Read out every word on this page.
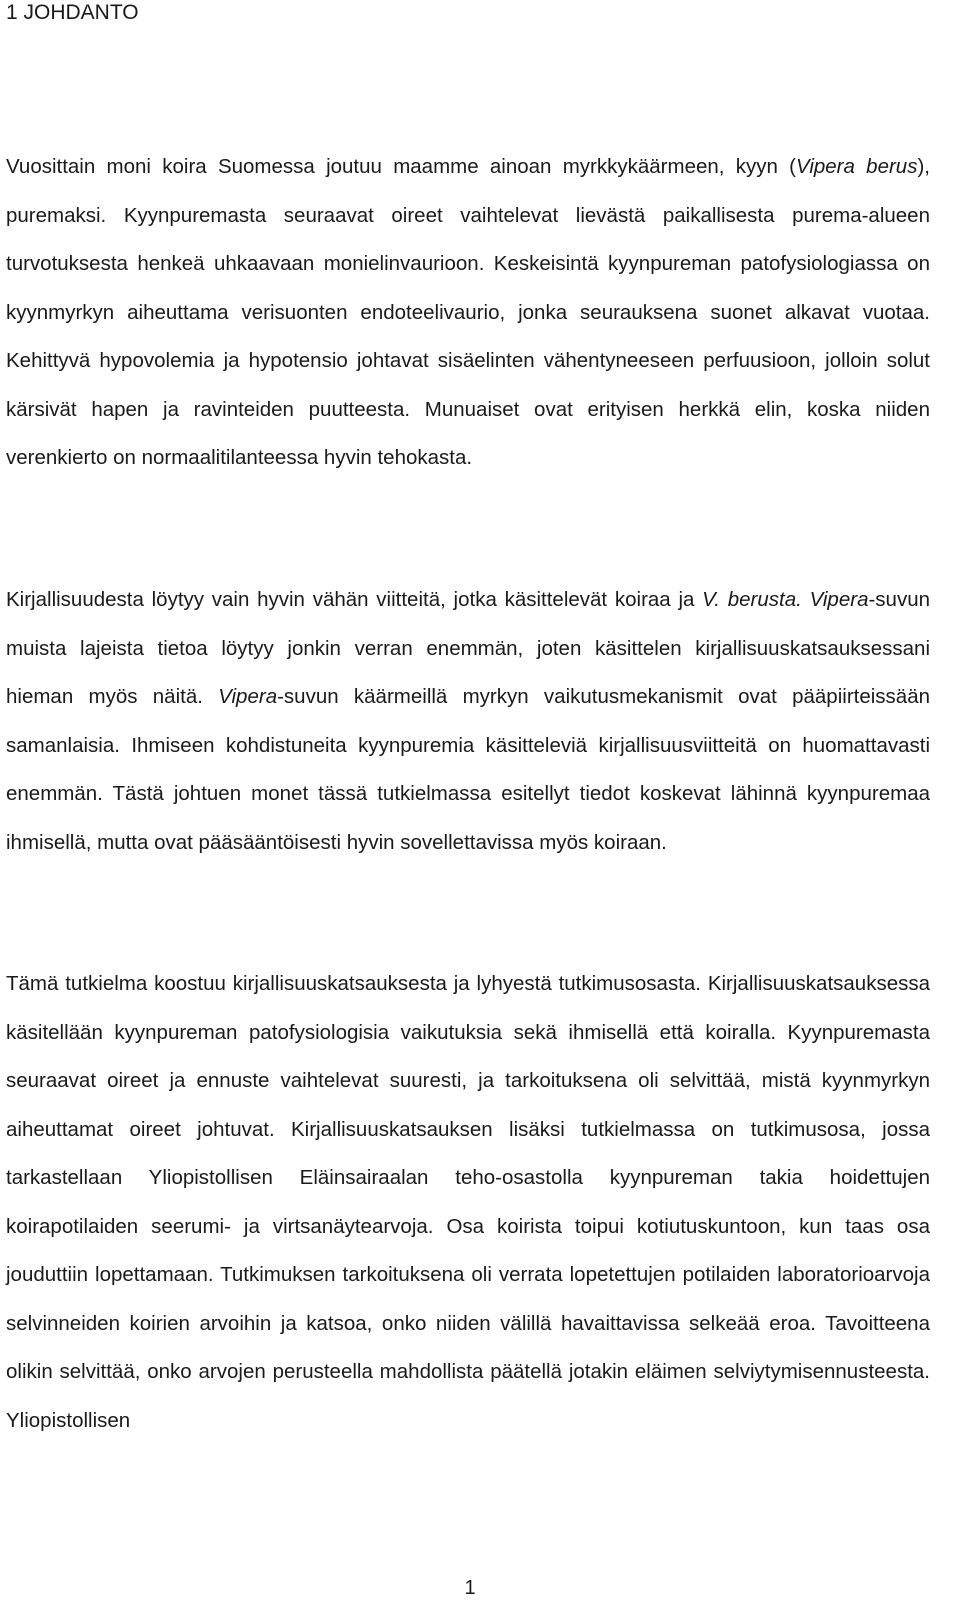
1 JOHDANTO

Vuosittain moni koira Suomessa joutuu maamme ainoan myrkkykäärmeen, kyyn (Vipera berus), puremaksi. Kyynpuremasta seuraavat oireet vaihtelevat lievästä paikallisesta purema-alueen turvotuksesta henkeä uhkaavaan monielinvaurioon. Keskeisintä kyynpureman patofysiologiassa on kyynmyrkyn aiheuttama verisuonten endoteelivaurio, jonka seurauksena suonet alkavat vuotaa. Kehittyvä hypovolemia ja hypotensio johtavat sisäelinten vähentyneeseen perfuusioon, jolloin solut kärsivät hapen ja ravinteiden puutteesta. Munuaiset ovat erityisen herkkä elin, koska niiden verenkierto on normaalitilanteessa hyvin tehokasta.

Kirjallisuudesta löytyy vain hyvin vähän viitteitä, jotka käsittelevät koiraa ja V. berusta. Vipera-suvun muista lajeista tietoa löytyy jonkin verran enemmän, joten käsittelen kirjallisuuskatsauksessani hieman myös näitä. Vipera-suvun käärmeillä myrkyn vaikutusmekanismit ovat pääpiirteissään samanlaisia. Ihmiseen kohdistuneita kyynpuremia käsitteleviä kirjallisuusviitteitä on huomattavasti enemmän. Tästä johtuen monet tässä tutkielmassa esitellyt tiedot koskevat lähinnä kyynpuremaa ihmisellä, mutta ovat pääsääntöisesti hyvin sovellettavissa myös koiraan.

Tämä tutkielma koostuu kirjallisuuskatsauksesta ja lyhyestä tutkimusosasta. Kirjallisuuskatsauksessa käsitellään kyynpureman patofysiologisia vaikutuksia sekä ihmisellä että koiralla. Kyynpuremasta seuraavat oireet ja ennuste vaihtelevat suuresti, ja tarkoituksena oli selvittää, mistä kyynmyrkyn aiheuttamat oireet johtuvat. Kirjallisuuskatsauksen lisäksi tutkielmassa on tutkimusosa, jossa tarkastellaan Yliopistollisen Eläinsairaalan teho-osastolla kyynpureman takia hoidettujen koirapotilaiden seerumi- ja virtsanäytearvoja. Osa koirista toipui kotiutuskuntoon, kun taas osa jouduttiin lopettamaan. Tutkimuksen tarkoituksena oli verrata lopetettujen potilaiden laboratorioarvoja selvinneiden koirien arvoihin ja katsoa, onko niiden välillä havaittavissa selkeää eroa. Tavoitteena olikin selvittää, onko arvojen perusteella mahdollista päätellä jotakin eläimen selviytymisennusteesta. Yliopistollisen

1
